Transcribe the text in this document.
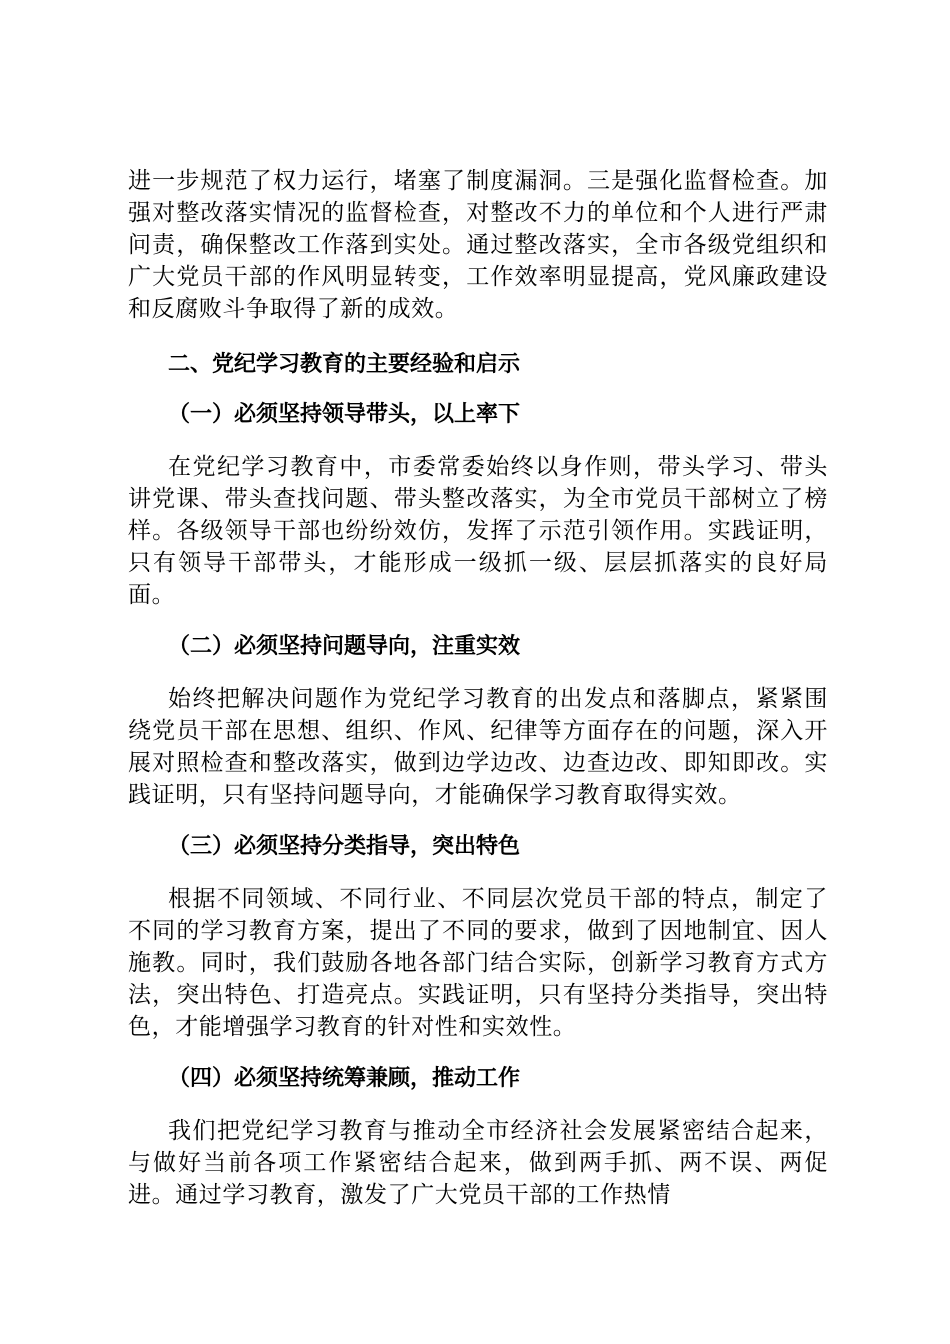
进一步规范了权力运行，堵塞了制度漏洞。三是强化监督检查。加强对整改落实情况的监督检查，对整改不力的单位和个人进行严肃问责，确保整改工作落到实处。通过整改落实，全市各级党组织和广大党员干部的作风明显转变，工作效率明显提高，党风廉政建设和反腐败斗争取得了新的成效。

二、党纪学习教育的主要经验和启示
（一）必须坚持领导带头，以上率下

在党纪学习教育中，市委常委始终以身作则，带头学习、带头讲党课、带头查找问题、带头整改落实，为全市党员干部树立了榜样。各级领导干部也纷纷效仿，发挥了示范引领作用。实践证明，只有领导干部带头，才能形成一级抓一级、层层抓落实的良好局面。

（二）必须坚持问题导向，注重实效

始终把解决问题作为党纪学习教育的出发点和落脚点，紧紧围绕党员干部在思想、组织、作风、纪律等方面存在的问题，深入开展对照检查和整改落实，做到边学边改、边查边改、即知即改。实践证明，只有坚持问题导向，才能确保学习教育取得实效。

（三）必须坚持分类指导，突出特色

根据不同领域、不同行业、不同层次党员干部的特点，制定了不同的学习教育方案，提出了不同的要求，做到了因地制宜、因人施教。同时，我们鼓励各地各部门结合实际，创新学习教育方式方法，突出特色、打造亮点。实践证明，只有坚持分类指导，突出特色，才能增强学习教育的针对性和实效性。

（四）必须坚持统筹兼顾，推动工作

我们把党纪学习教育与推动全市经济社会发展紧密结合起来，与做好当前各项工作紧密结合起来，做到两手抓、两不误、两促进。通过学习教育，激发了广大党员干部的工作热情
